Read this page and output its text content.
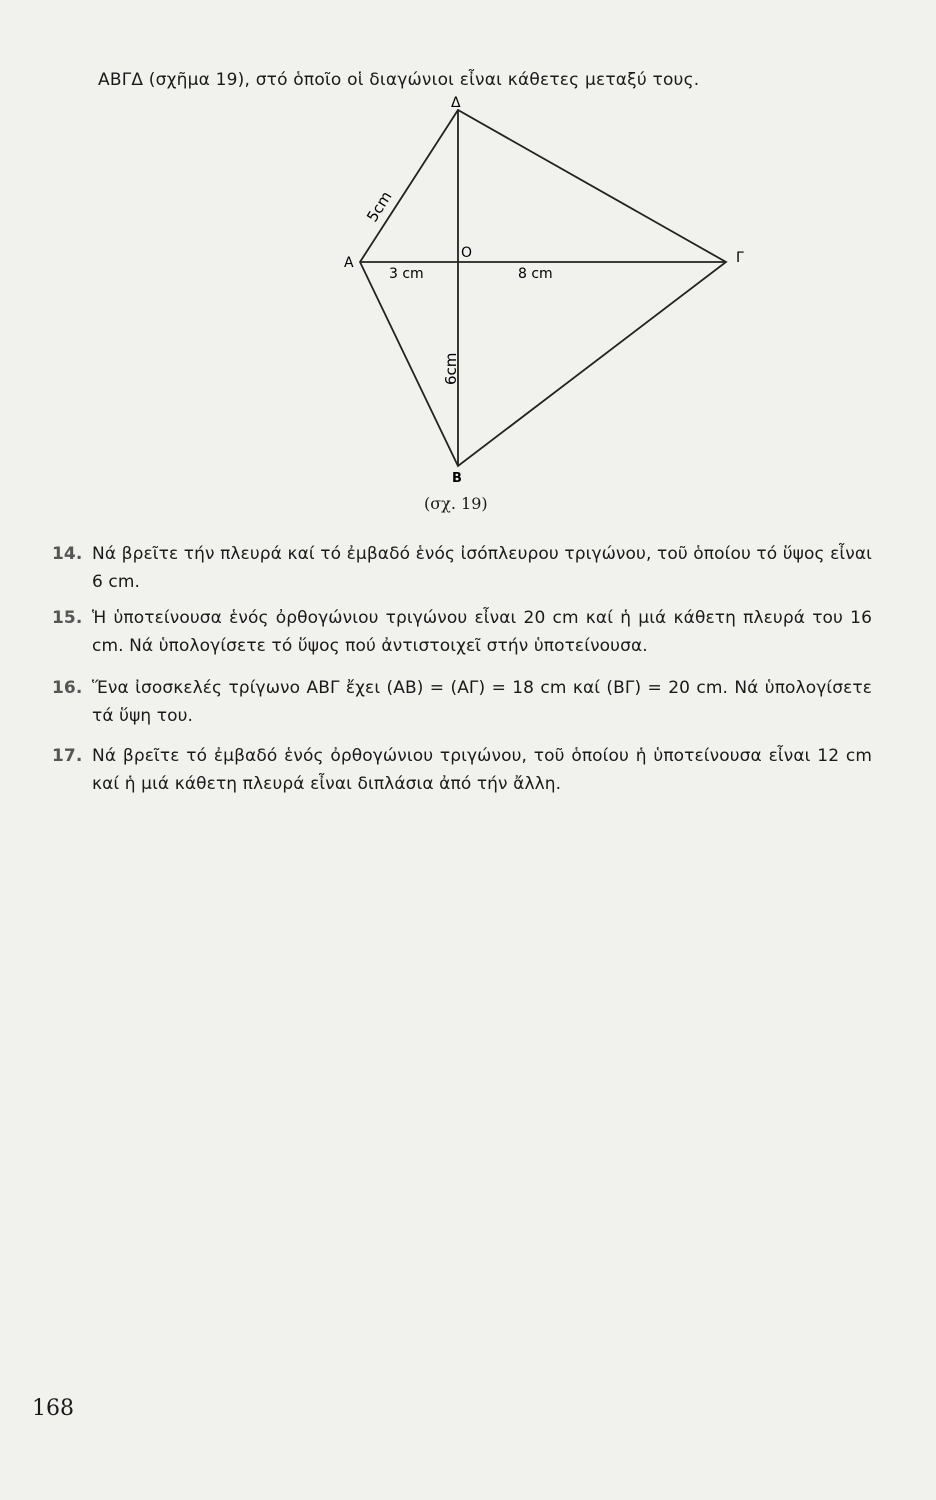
ΑΒΓΔ (σχῆμα 19), στό ὁποῖο οἱ διαγώνιοι εἶναι κάθετες μεταξύ τους.
Δ
Α	Γ
Β
Ο
5cm
3 cm	8 cm
6cm
(σχ. 19)
14. Νά βρεῖτε τήν πλευρά καί τό ἐμβαδό ἑνός ἰσόπλευρου τριγώνου, τοῦ ὁποίου τό ὕψος εἶναι 6 cm.
15. Ἡ ὑποτείνουσα ἑνός ὀρθογώνιου τριγώνου εἶναι 20 cm καί ἡ μιά κάθετη πλευρά του 16 cm. Νά ὑπολογίσετε τό ὕψος πού ἀντιστοιχεῖ στήν ὑποτείνουσα.
16. Ἕνα ἰσοσκελές τρίγωνο ΑΒΓ ἔχει (ΑΒ) = (ΑΓ) = 18 cm καί (ΒΓ) = 20 cm. Νά ὑπολογίσετε τά ὕψη του.
17. Νά βρεῖτε τό ἐμβαδό ἑνός ὀρθογώνιου τριγώνου, τοῦ ὁποίου ἡ ὑποτείνουσα εἶναι 12 cm καί ἡ μιά κάθετη πλευρά εἶναι διπλάσια ἀπό τήν ἄλλη.
168
